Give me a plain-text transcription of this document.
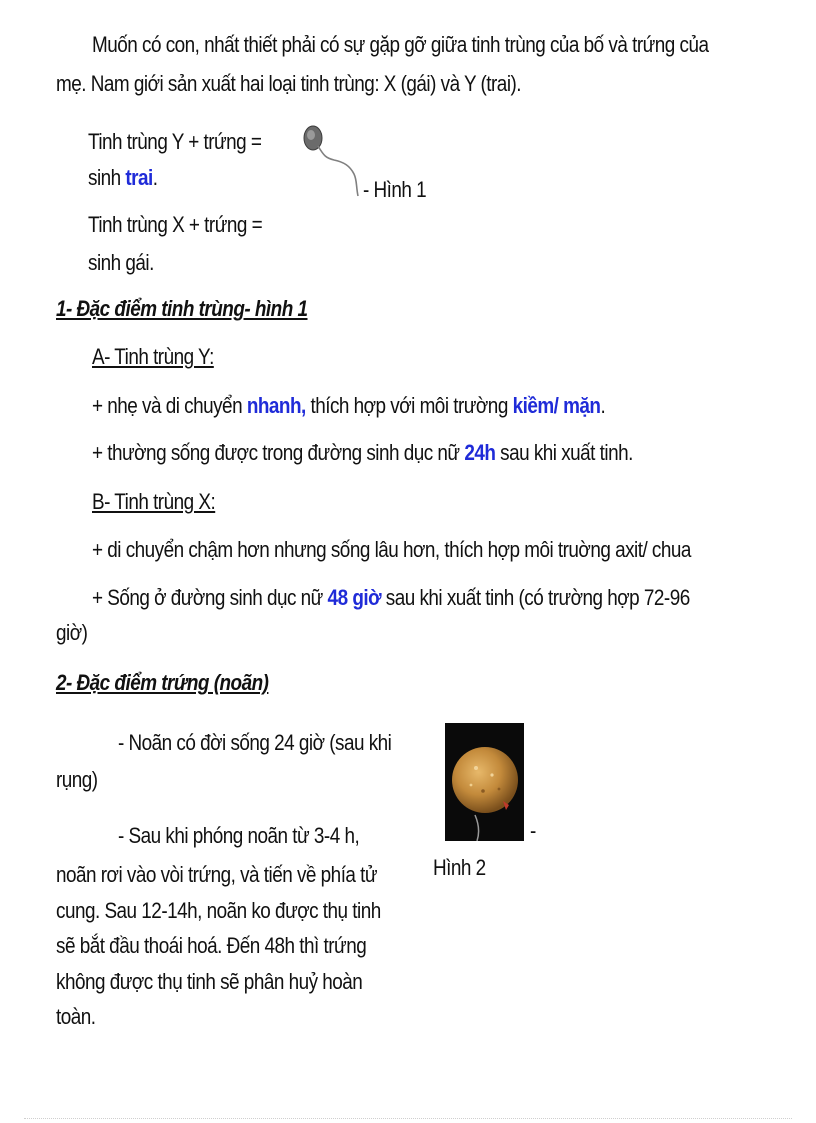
Muốn có con, nhất thiết phải có sự gặp gỡ giữa tinh trùng của bố và trứng của
mẹ. Nam giới sản xuất hai loại tinh trùng: X (gái) và Y (trai).
Tinh trùng Y + trứng =
sinh trai.
Tinh trùng X + trứng =
sinh gái.
- Hình 1
1- Đặc điểm tinh trùng- hình 1
A- Tinh trùng Y:
+ nhẹ và di chuyển nhanh, thích hợp với môi trường kiềm/ mặn.
+ thường sống được trong đường sinh dục nữ 24h sau khi xuất tinh.
B- Tinh trùng X:
+ di chuyển chậm hơn nhưng sống lâu hơn, thích hợp môi truờng axit/ chua
+ Sống ở đường sinh dục nữ 48 giờ sau khi xuất tinh (có trường hợp 72-96
giờ)
2- Đặc điểm trứng (noãn)
- Noãn có đời sống 24 giờ (sau khi
rụng)
- Sau khi phóng noãn từ 3-4 h,
noãn rơi vào vòi trứng, và tiến về phía tử
cung. Sau 12-14h, noãn ko được thụ tinh
sẽ bắt đầu thoái hoá. Đến 48h thì trứng
không được thụ tinh sẽ phân huỷ hoàn
toàn.
-
Hình 2
